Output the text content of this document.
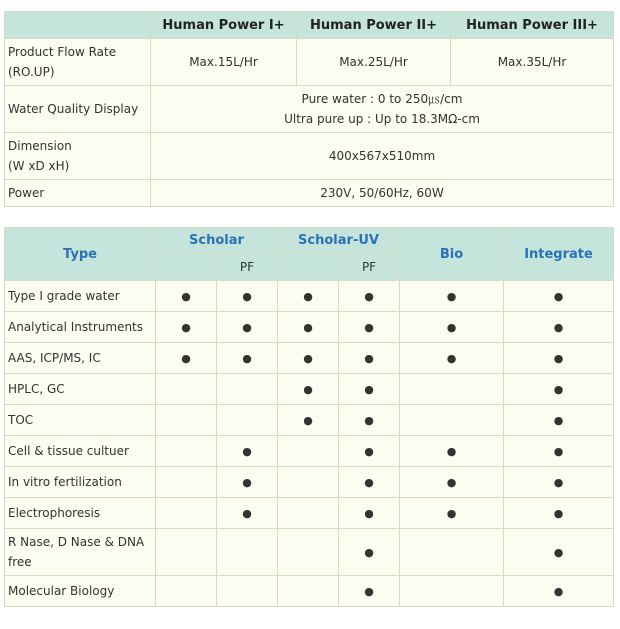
	Human Power I+	Human Power II+	Human Power III+

Product Flow Rate
(RO.UP)	Max.15L/Hr	Max.25L/Hr	Max.35L/Hr
Water Quality Display	Pure water : 0 to 250㎲/cm
Ultra pure up : Up to 18.3MΩ-cm		

Dimension
(W xD xH)	400x567x510mm		
Power	230V, 50/60Hz, 60W		
Type	Scholar		Scholar-UV		Bio	Integrate
		PF		PF		
Type I grade water	●	●	●	●	●	●
Analytical Instruments	●	●	●	●	●	●
AAS, ICP/MS, IC	●	●	●	●	●	●
HPLC, GC			●	●		●
TOC			●	●		●
Cell & tissue cultuer		●		●	●	●
In vitro fertilization		●		●	●	●
Electrophoresis		●		●	●	●
R Nase, D Nase & DNA free				●		●
Molecular Biology				●		●
